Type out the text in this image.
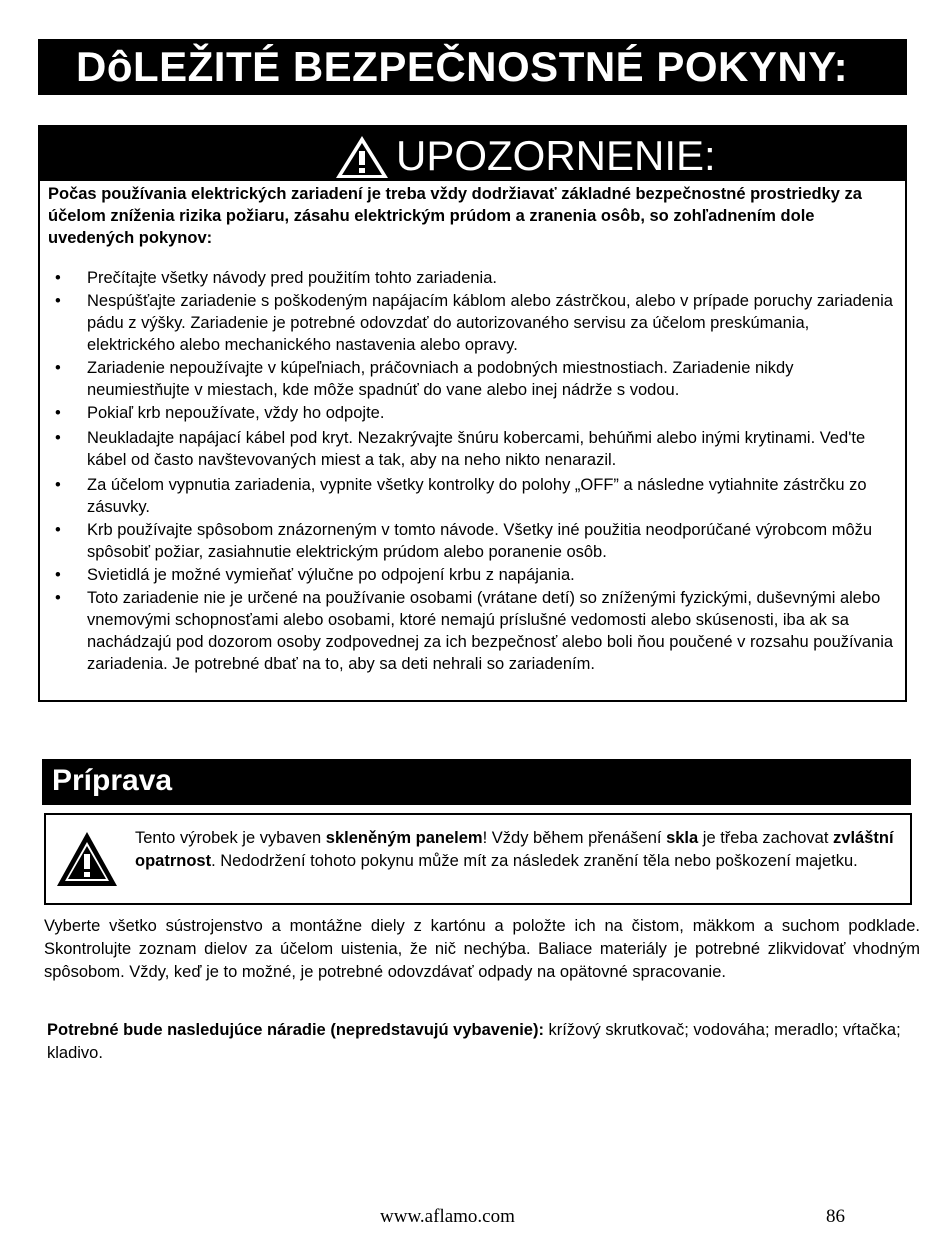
DôLEŽITÉ BEZPEČNOSTNÉ POKYNY:
UPOZORNENIE:
Počas používania elektrických zariadení je treba vždy dodržiavať základné bezpečnostné prostriedky za účelom zníženia rizika požiaru, zásahu elektrickým prúdom a zranenia osôb, so zohľadnením dole uvedených pokynov:
• Prečítajte všetky návody pred použitím tohto zariadenia.
• Nespúšťajte zariadenie s poškodeným napájacím káblom alebo zástrčkou, alebo v prípade poruchy zariadenia pádu z výšky. Zariadenie je potrebné odovzdať do autorizovaného servisu za účelom preskúmania, elektrického alebo mechanického nastavenia alebo opravy.
• Zariadenie nepoužívajte v kúpeľniach, práčovniach a podobných miestnostiach. Zariadenie nikdy neumiestňujte v miestach, kde môže spadnúť do vane alebo inej nádrže s vodou.
• Pokiaľ krb nepoužívate, vždy ho odpojte.
• Neukladajte napájací kábel pod kryt. Nezakrývajte šnúru kobercami, behúňmi alebo inými krytinami. Ved'te kábel od často navštevovaných miest a tak, aby na neho nikto nenarazil.
• Za účelom vypnutia zariadenia, vypnite všetky kontrolky do polohy „OFF” a následne vytiahnite zástrčku zo zásuvky.
• Krb používajte spôsobom znázorneným v tomto návode. Všetky iné použitia neodporúčané výrobcom môžu spôsobiť požiar, zasiahnutie elektrickým prúdom alebo poranenie osôb.
• Svietidlá je možné vymieňať výlučne po odpojení krbu z napájania.
• Toto zariadenie nie je určené na používanie osobami (vrátane detí) so zníženými fyzickými, duševnými alebo vnemovými schopnosťami alebo osobami, ktoré nemajú príslušné vedomosti alebo skúsenosti, iba ak sa nachádzajú pod dozorom osoby zodpovednej za ich bezpečnosť alebo boli ňou poučené v rozsahu používania zariadenia. Je potrebné dbať na to, aby sa deti nehrali so zariadením.
Príprava
Tento výrobek je vybaven skleněným panelem! Vždy během přenášení skla je třeba zachovat zvláštní opatrnost. Nedodržení tohoto pokynu může mít za následek zranění těla nebo poškození majetku.
Vyberte všetko sústrojenstvo a montážne diely z kartónu a položte ich na čistom, mäkkom a suchom podklade. Skontrolujte zoznam dielov za účelom uistenia, že nič nechýba. Baliace materiály je potrebné zlikvidovať vhodným spôsobom. Vždy, keď je to možné, je potrebné odovzdávať odpady na opätovné spracovanie.
Potrebné bude nasledujúce náradie (nepredstavujú vybavenie): krížový skrutkovač; vodováha; meradlo; vŕtačka; kladivo.
www.aflamo.com	86
